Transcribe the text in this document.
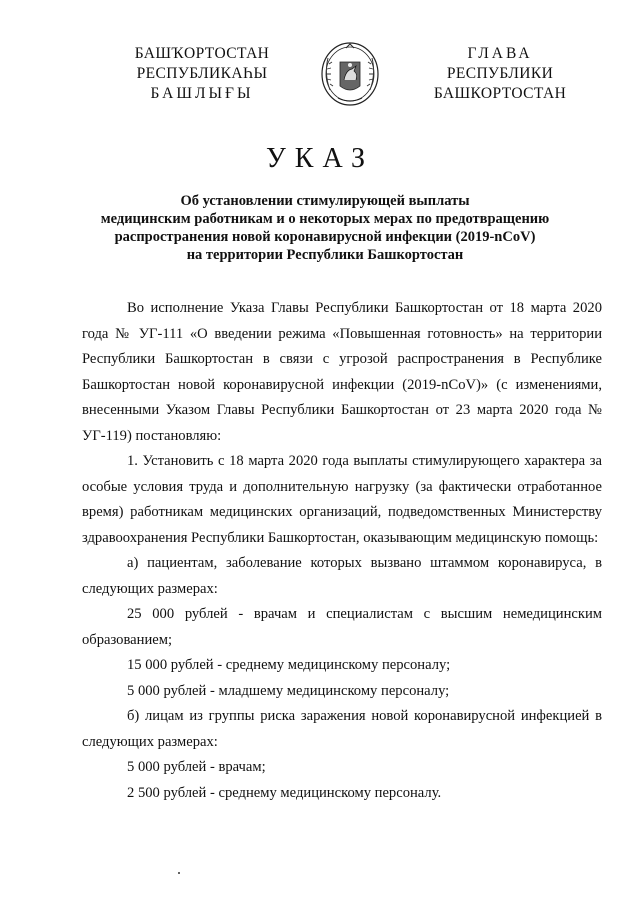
БАШҠОРТОСТАН
РЕСПУБЛИКАҺЫ
БАШЛЫҒЫ
ГЛАВА
РЕСПУБЛИКИ
БАШКОРТОСТАН
УКАЗ
Об установлении стимулирующей выплаты
медицинским работникам и о некоторых мерах по предотвращению
распространения новой коронавирусной инфекции (2019-nCoV)
на территории Республики Башкортостан

Во исполнение Указа Главы Республики Башкортостан от 18 марта 2020 года № УГ-111 «О введении режима «Повышенная готовность» на территории Республики Башкортостан в связи с угрозой распространения в Республике Башкортостан новой коронавирусной инфекции (2019-nCoV)» (с изменениями, внесенными Указом Главы Республики Башкортостан от 23 марта 2020 года № УГ-119) постановляю:

1. Установить с 18 марта 2020 года выплаты стимулирующего характера за особые условия труда и дополнительную нагрузку (за фактически отработанное время) работникам медицинских организаций, подведомственных Министерству здравоохранения Республики Башкортостан, оказывающим медицинскую помощь:

а) пациентам, заболевание которых вызвано штаммом коронавируса, в следующих размерах:

25 000 рублей - врачам и специалистам с высшим немедицинским образованием;

15 000 рублей - среднему медицинскому персоналу;

5 000 рублей - младшему медицинскому персоналу;

б) лицам из группы риска заражения новой коронавирусной инфекцией в следующих размерах:

5 000 рублей - врачам;

2 500 рублей - среднему медицинскому персоналу.
